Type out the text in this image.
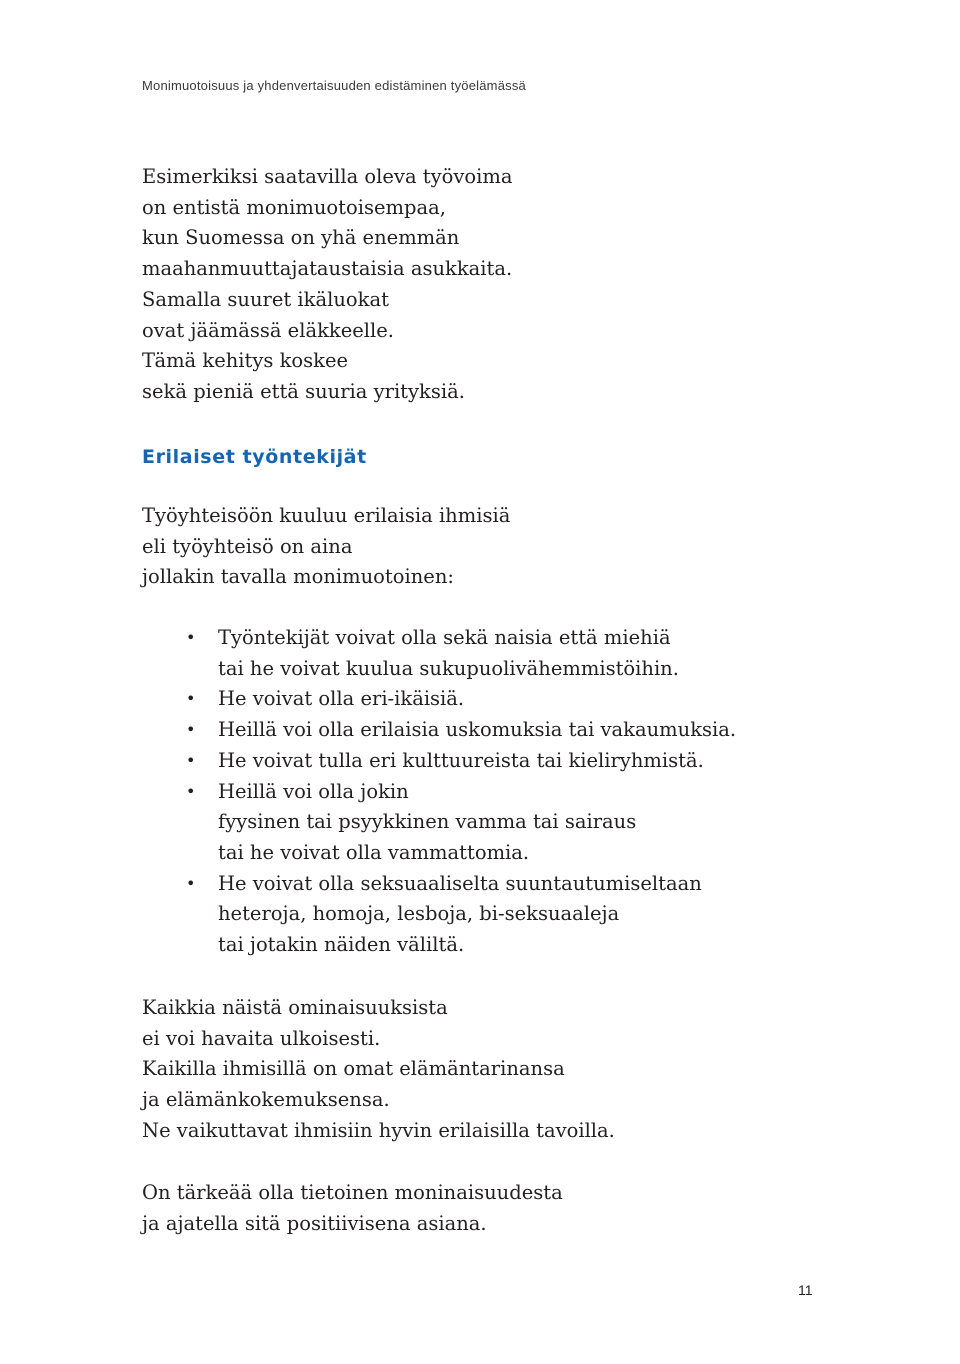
Monimuotoisuus ja yhdenvertaisuuden edistäminen työelämässä
Esimerkiksi saatavilla oleva työvoima
on entistä monimuotoisempaa,
kun Suomessa on yhä enemmän
maahanmuuttajataustaisia asukkaita.
Samalla suuret ikäluokat
ovat jäämässä eläkkeelle.
Tämä kehitys koskee
sekä pieniä että suuria yrityksiä.
Erilaiset työntekijät
Työyhteisöön kuuluu erilaisia ihmisiä
eli työyhteisö on aina
jollakin tavalla monimuotoinen:
• Työntekijät voivat olla sekä naisia että miehiä
tai he voivat kuulua sukupuolivähemmistöihin.
• He voivat olla eri-ikäisiä.
• Heillä voi olla erilaisia uskomuksia tai vakaumuksia.
• He voivat tulla eri kulttuureista tai kieliryhmistä.
• Heillä voi olla jokin
fyysinen tai psyykkinen vamma tai sairaus
tai he voivat olla vammattomia.
• He voivat olla seksuaaliselta suuntautumiseltaan
heteroja, homoja, lesboja, bi-seksuaaleja
tai jotakin näiden väliltä.
Kaikkia näistä ominaisuuksista
ei voi havaita ulkoisesti.
Kaikilla ihmisillä on omat elämäntarinansa
ja elämänkokemuksensa.
Ne vaikuttavat ihmisiin hyvin erilaisilla tavoilla.
On tärkeää olla tietoinen moninaisuudesta
ja ajatella sitä positiivisena asiana.
11
